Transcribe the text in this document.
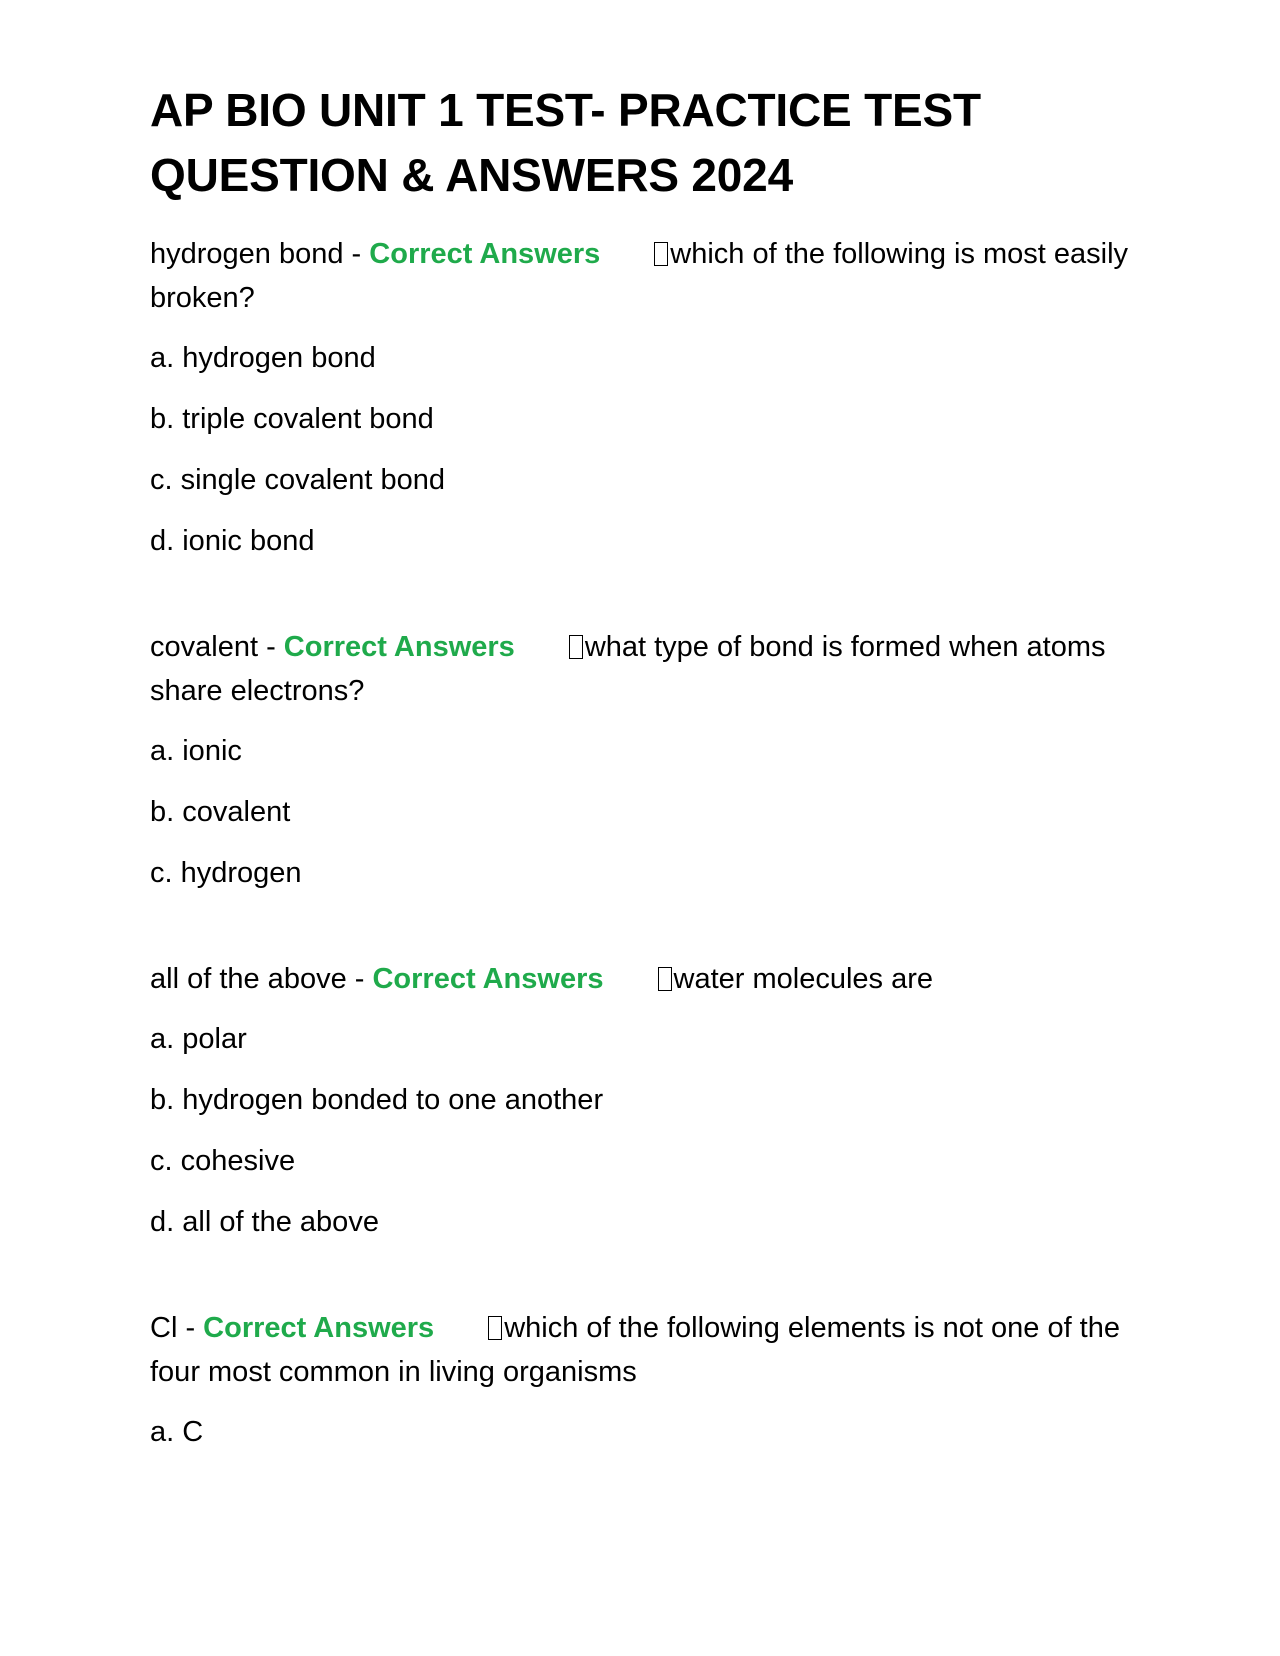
AP BIO UNIT 1 TEST- PRACTICE TEST QUESTION & ANSWERS 2024
hydrogen bond - Correct Answers which of the following is most easily broken?
a. hydrogen bond
b. triple covalent bond
c. single covalent bond
d. ionic bond
covalent - Correct Answers what type of bond is formed when atoms share electrons?
a. ionic
b. covalent
c. hydrogen
all of the above - Correct Answers water molecules are
a. polar
b. hydrogen bonded to one another
c. cohesive
d. all of the above
Cl - Correct Answers which of the following elements is not one of the four most common in living organisms
a. C
